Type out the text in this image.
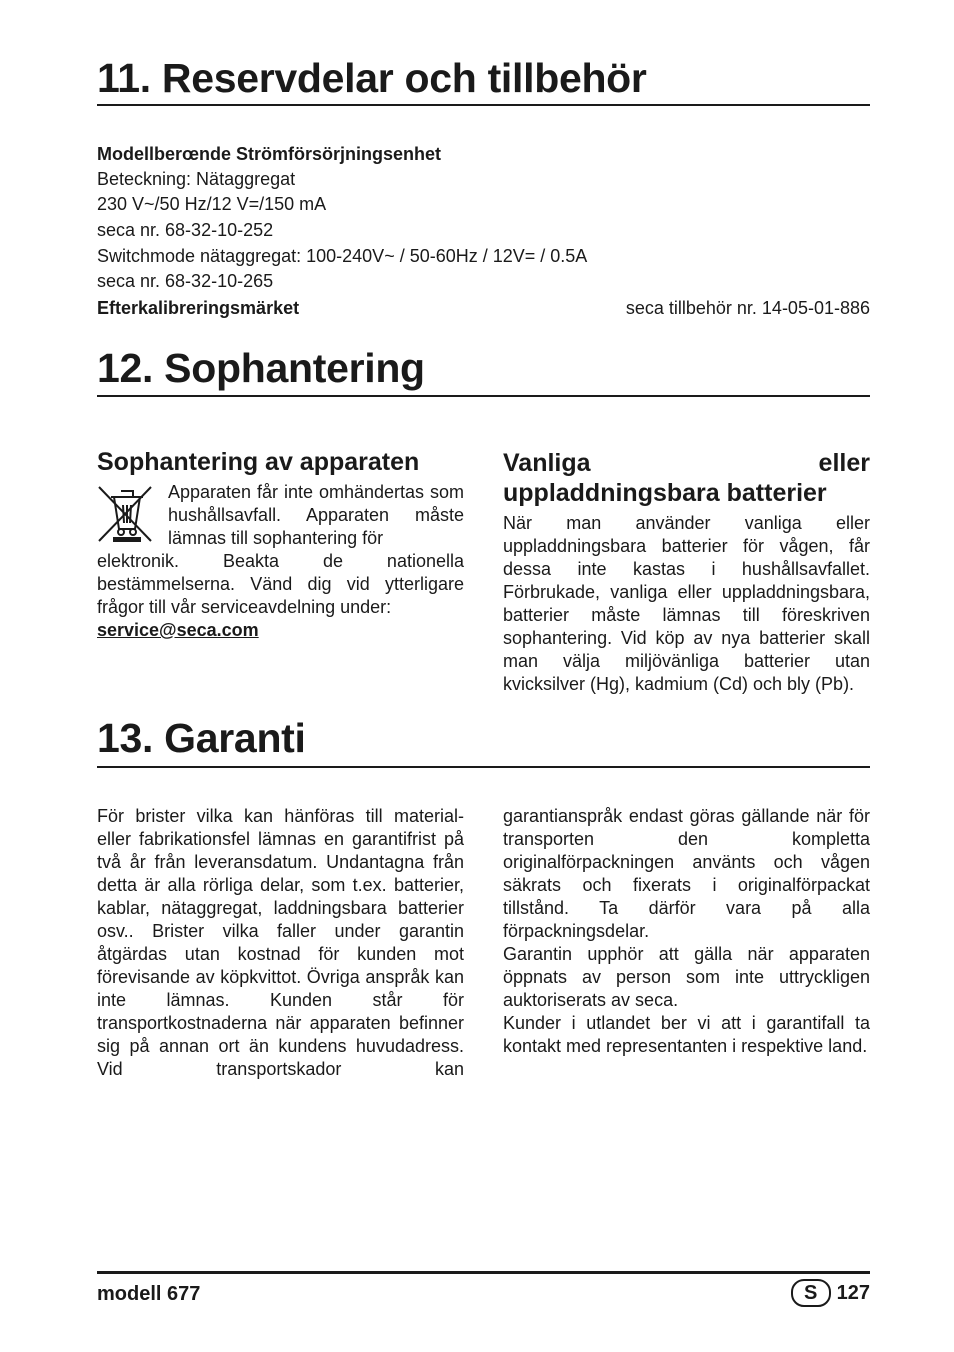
11. Reservdelar och tillbehör
Modellberœnde Strömförsörjningsenhet
Beteckning: Nätaggregat
230 V~/50 Hz/12 V=/150 mA
seca nr. 68-32-10-252
Switchmode nätaggregat: 100-240V~ / 50-60Hz / 12V= / 0.5A
seca nr. 68-32-10-265
Efterkalibreringsmärket	seca tillbehör nr. 14-05-01-886
12. Sophantering
Sophantering av apparaten

Apparaten får inte omhändertas som hushållsavfall. Apparaten måste lämnas till sophantering för

elektronik. Beakta de nationella bestämmelserna. Vänd dig vid ytterligare frågor till vår serviceavdelning under:

service@seca.com
Vanliga eller uppladdningsbara batterier

När man använder vanliga eller uppladdningsbara batterier för vågen, får dessa inte kastas i hushållsavfallet. Förbrukade, vanliga eller uppladdningsbara, batterier måste lämnas till föreskriven sophantering. Vid köp av nya batterier skall man välja miljövänliga batterier utan kvicksilver (Hg), kadmium (Cd) och bly (Pb).

13. Garanti

För brister vilka kan hänföras till material- eller fabrikationsfel lämnas en garantifrist på två år från leveransdatum. Undantagna från detta är alla rörliga delar, som t.ex. batterier, kablar, nätaggregat, laddningsbara batterier osv.. Brister vilka faller under garantin åtgärdas utan kostnad för kunden mot förevisande av köpkvittot. Övriga anspråk kan inte lämnas. Kunden står för transportkostnaderna när apparaten befinner sig på annan ort än kundens huvudadress. Vid transportskador kan

garantianspråk endast göras gällande när för transporten den kompletta originalförpackningen använts och vågen säkrats och fixerats i originalförpackat tillstånd. Ta därför vara på alla förpackningsdelar.

Garantin upphör att gälla när apparaten öppnats av person som inte uttryckligen auktoriserats av seca.

Kunder i utlandet ber vi att i garantifall ta kontakt med representanten i respektive land.

modell 677	S 127
